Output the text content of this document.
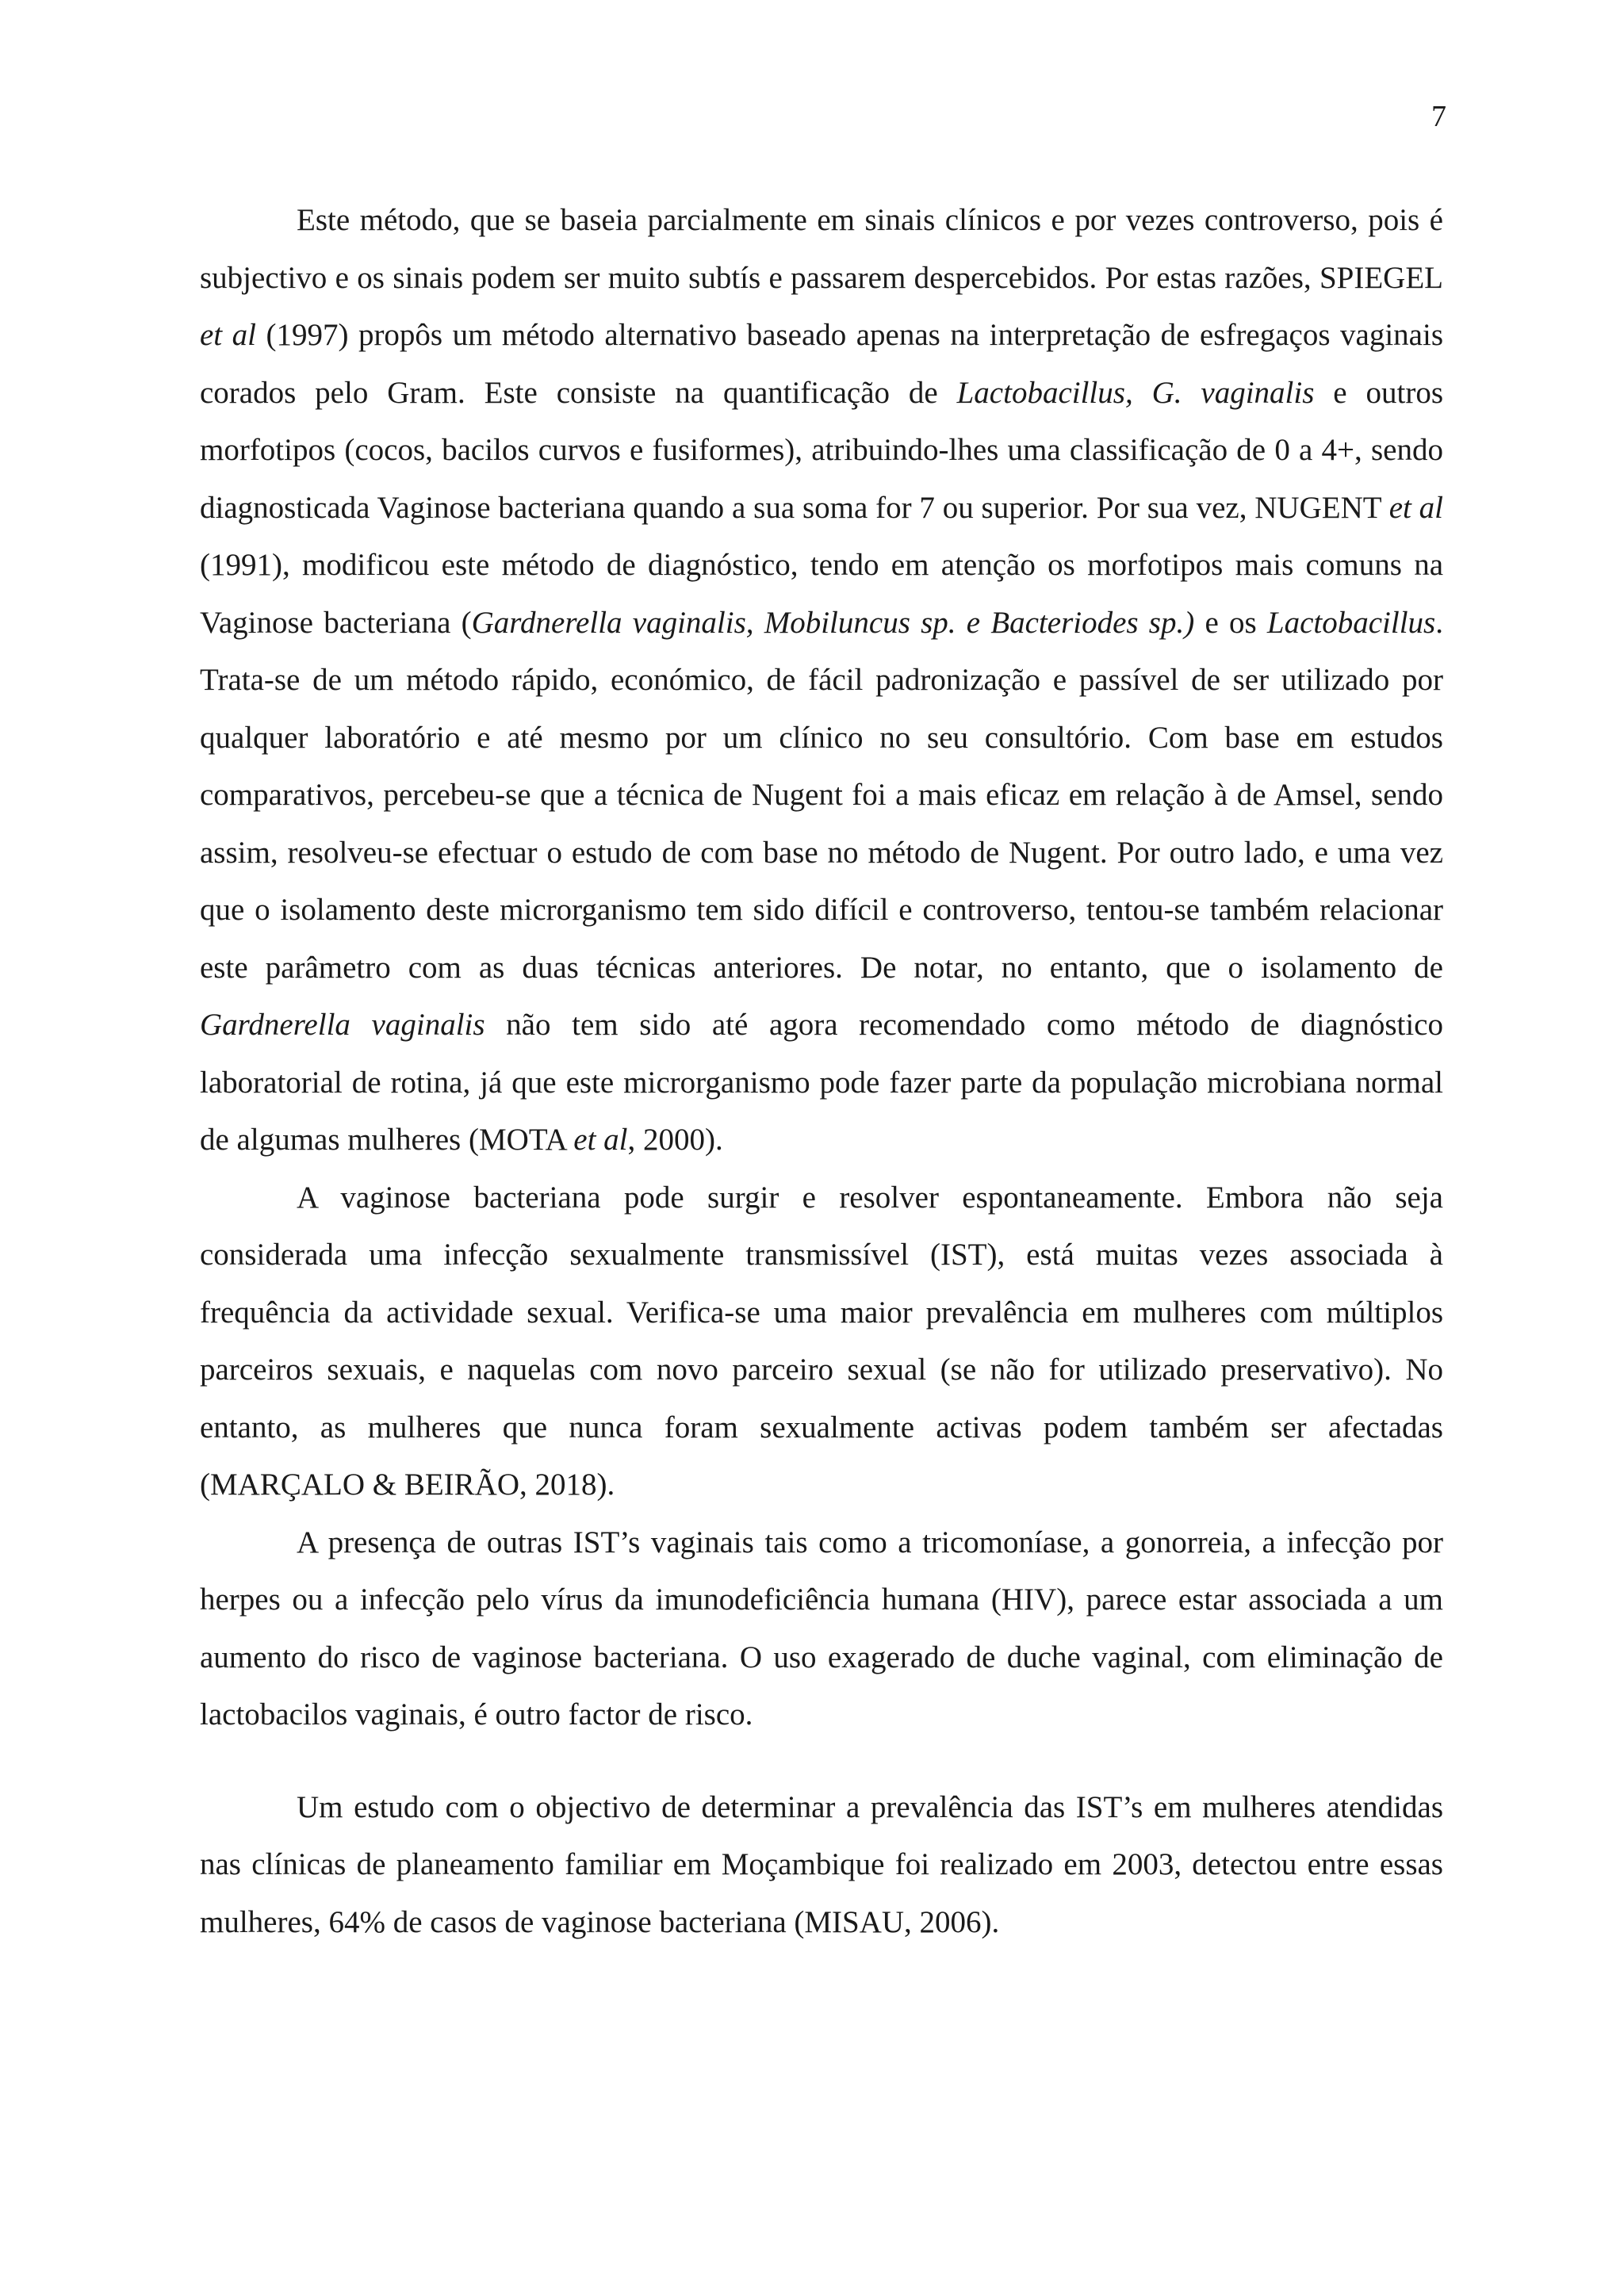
7

Este método, que se baseia parcialmente em sinais clínicos e por vezes controverso, pois é subjectivo e os sinais podem ser muito subtís e passarem despercebidos. Por estas razões, SPIEGEL et al (1997) propôs um método alternativo baseado apenas na interpretação de esfregaços vaginais corados pelo Gram. Este consiste na quantificação de Lactobacillus, G. vaginalis e outros morfotipos (cocos, bacilos curvos e fusiformes), atribuindo-lhes uma classificação de 0 a 4+, sendo diagnosticada Vaginose bacteriana quando a sua soma for 7 ou superior. Por sua vez, NUGENT et al (1991), modificou este método de diagnóstico, tendo em atenção os morfotipos mais comuns na Vaginose bacteriana (Gardnerella vaginalis, Mobiluncus sp. e Bacteriodes sp.) e os Lactobacillus. Trata-se de um método rápido, económico, de fácil padronização e passível de ser utilizado por qualquer laboratório e até mesmo por um clínico no seu consultório. Com base em estudos comparativos, percebeu-se que a técnica de Nugent foi a mais eficaz em relação à de Amsel, sendo assim, resolveu-se efectuar o estudo de com base no método de Nugent. Por outro lado, e uma vez que o isolamento deste microrganismo tem sido difícil e controverso, tentou-se também relacionar este parâmetro com as duas técnicas anteriores. De notar, no entanto, que o isolamento de Gardnerella vaginalis não tem sido até agora recomendado como método de diagnóstico laboratorial de rotina, já que este microrganismo pode fazer parte da população microbiana normal de algumas mulheres (MOTA et al, 2000).

A vaginose bacteriana pode surgir e resolver espontaneamente. Embora não seja considerada uma infecção sexualmente transmissível (IST), está muitas vezes associada à frequência da actividade sexual. Verifica-se uma maior prevalência em mulheres com múltiplos parceiros sexuais, e naquelas com novo parceiro sexual (se não for utilizado preservativo). No entanto, as mulheres que nunca foram sexualmente activas podem também ser afectadas (MARÇALO & BEIRÃO, 2018).

A presença de outras IST’s vaginais tais como a tricomoníase, a gonorreia, a infecção por herpes ou a infecção pelo vírus da imunodeficiência humana (HIV), parece estar associada a um aumento do risco de vaginose bacteriana. O uso exagerado de duche vaginal, com eliminação de lactobacilos vaginais, é outro factor de risco.

Um estudo com o objectivo de determinar a prevalência das IST’s em mulheres atendidas nas clínicas de planeamento familiar em Moçambique foi realizado em 2003, detectou entre essas mulheres, 64% de casos de vaginose bacteriana (MISAU, 2006).
